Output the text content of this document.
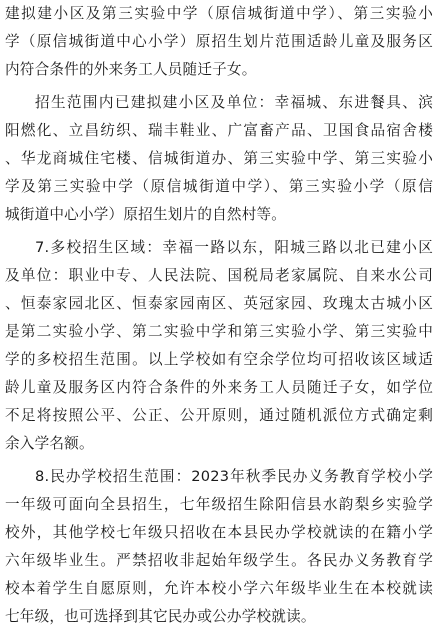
建拟建小区及第三实验中学（原信城街道中学）、第三实验小
学（原信城街道中心小学）原招生划片范围适龄儿童及服务区
内符合条件的外来务工人员随迁子女。
招生范围内已建拟建小区及单位：幸福城、东进餐具、滨
阳燃化、立昌纺织、瑞丰鞋业、广富畜产品、卫国食品宿舍楼
、华龙商城住宅楼、信城街道办、第三实验中学、第三实验小
学及第三实验中学（原信城街道中学）、第三实验小学（原信
城街道中心小学）原招生划片的自然村等。
7.多校招生区域：幸福一路以东，阳城三路以北已建小区
及单位：职业中专、人民法院、国税局老家属院、自来水公司
、恒泰家园北区、恒泰家园南区、英冠家园、玫瑰太古城小区
是第二实验小学、第二实验中学和第三实验小学、第三实验中
学的多校招生范围。以上学校如有空余学位均可招收该区域适
龄儿童及服务区内符合条件的外来务工人员随迁子女，如学位
不足将按照公平、公正、公开原则，通过随机派位方式确定剩
余入学名额。
8.民办学校招生范围：2023年秋季民办义务教育学校小学
一年级可面向全县招生，七年级招生除阳信县水韵梨乡实验学
校外，其他学校七年级只招收在本县民办学校就读的在籍小学
六年级毕业生。严禁招收非起始年级学生。各民办义务教育学
校本着学生自愿原则，允许本校小学六年级毕业生在本校就读
七年级，也可选择到其它民办或公办学校就读。
